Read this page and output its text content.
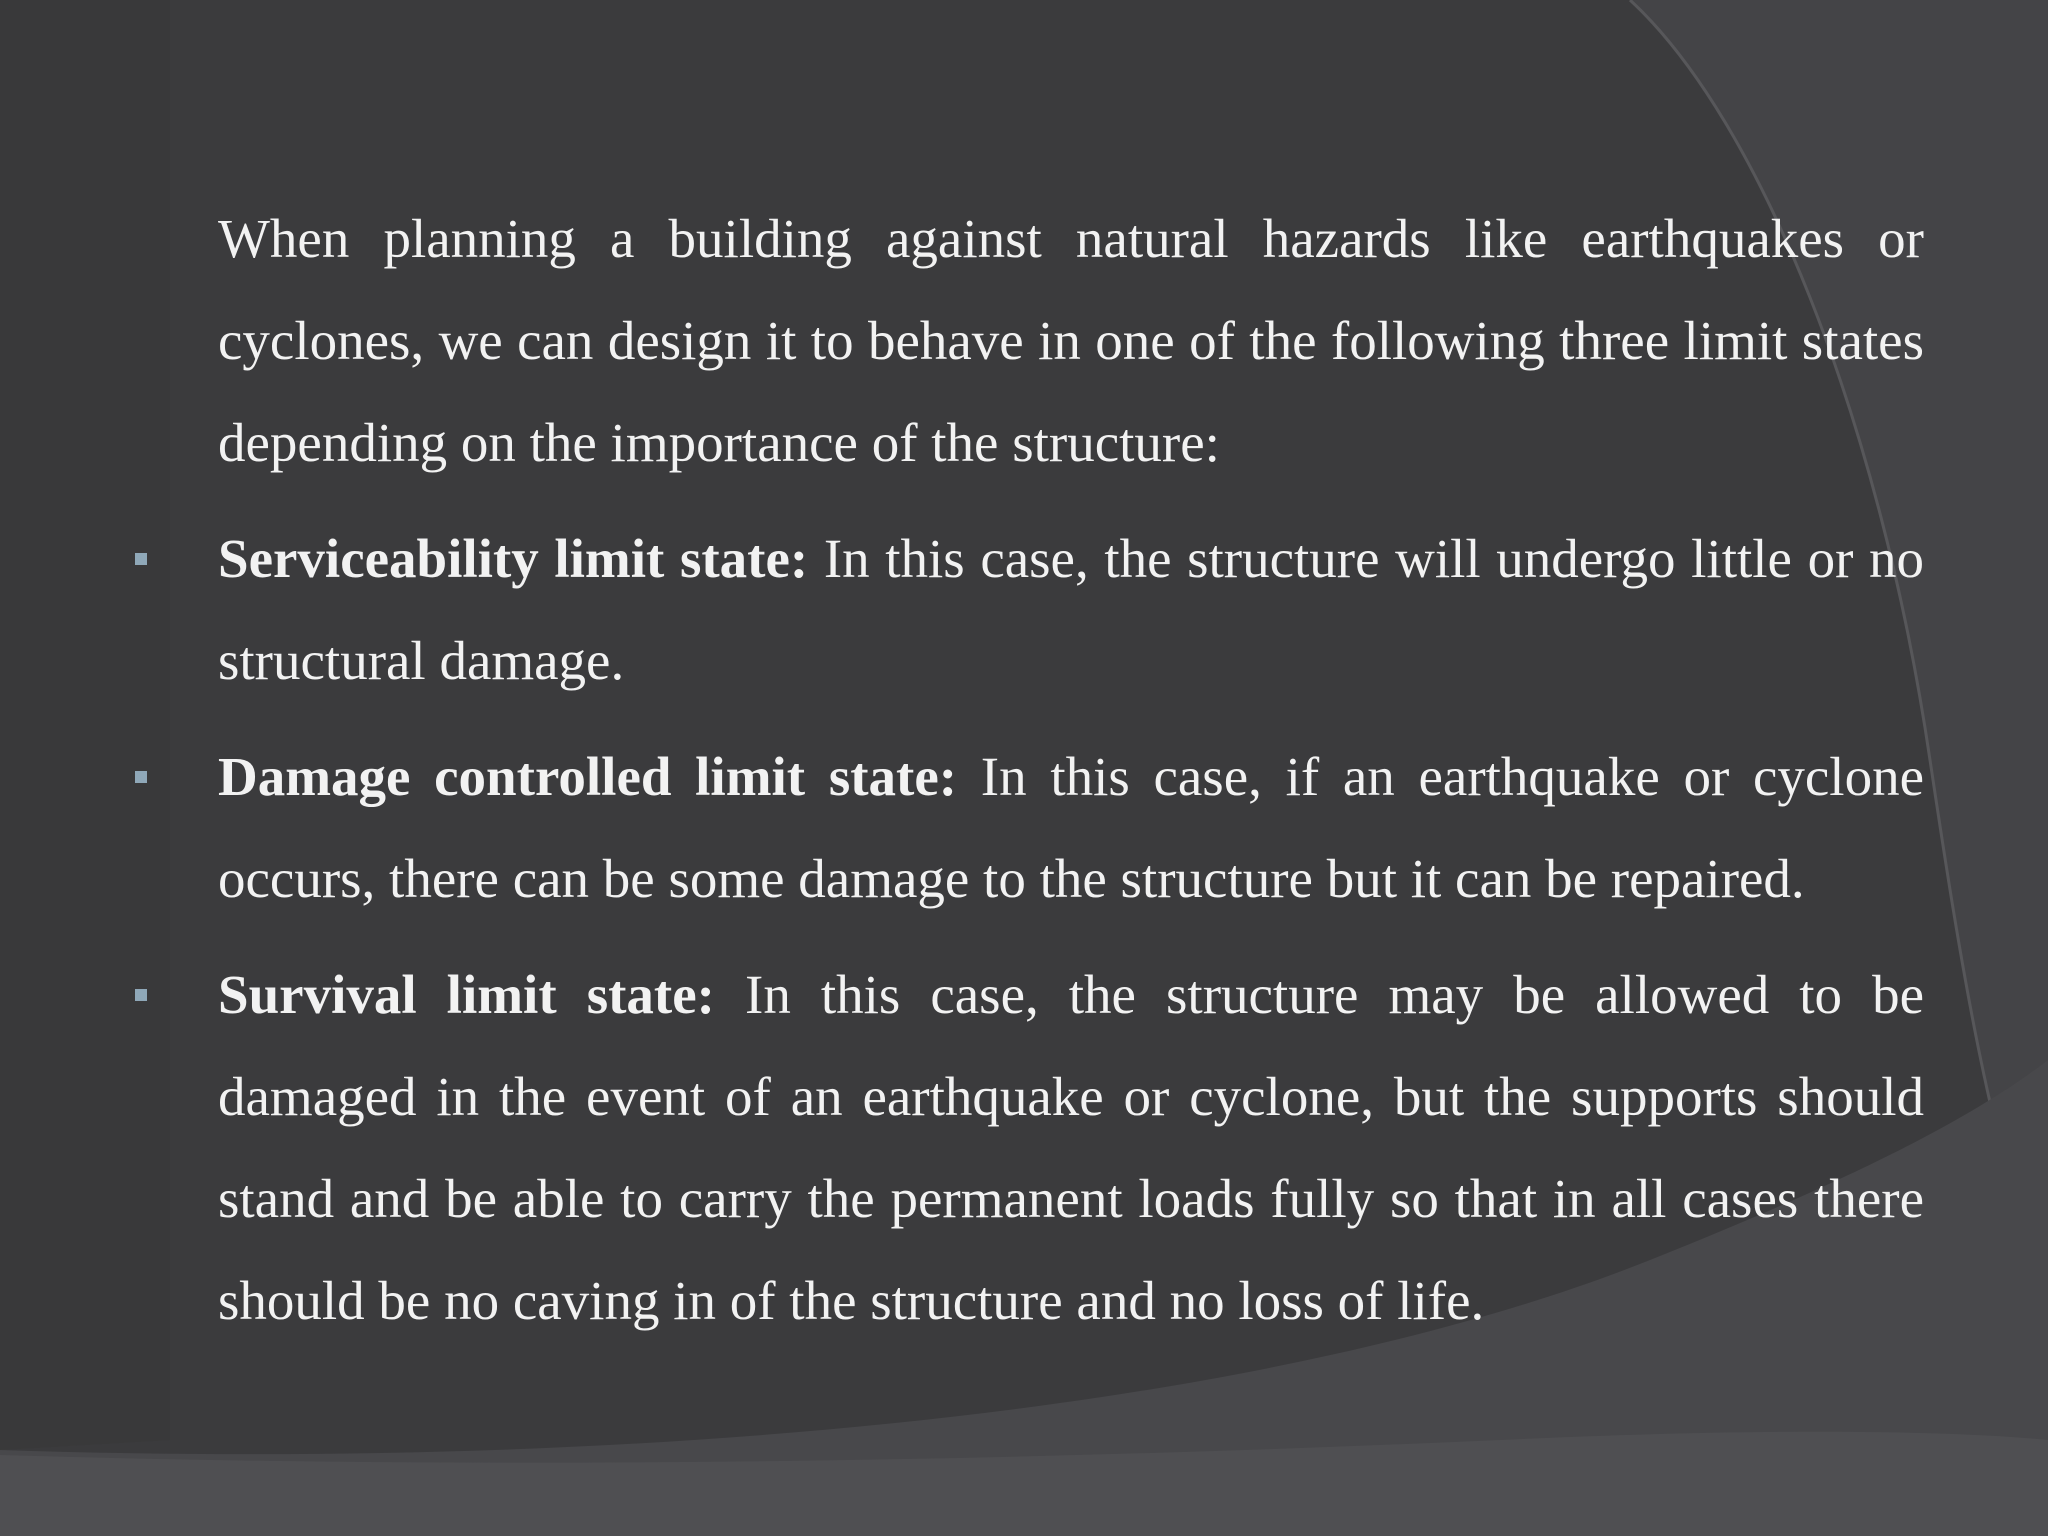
When planning a building against natural hazards like earthquakes or cyclones, we can design it to behave in one of the following three limit states depending on the importance of the structure:

Serviceability limit state: In this case, the structure will undergo little or no structural damage.

Damage controlled limit state: In this case, if an earthquake or cyclone occurs, there can be some damage to the structure but it can be repaired.

Survival limit state: In this case, the structure may be allowed to be damaged in the event of an earthquake or cyclone, but the supports should stand and be able to carry the permanent loads fully so that in all cases there should be no caving in of the structure and no loss of life.
